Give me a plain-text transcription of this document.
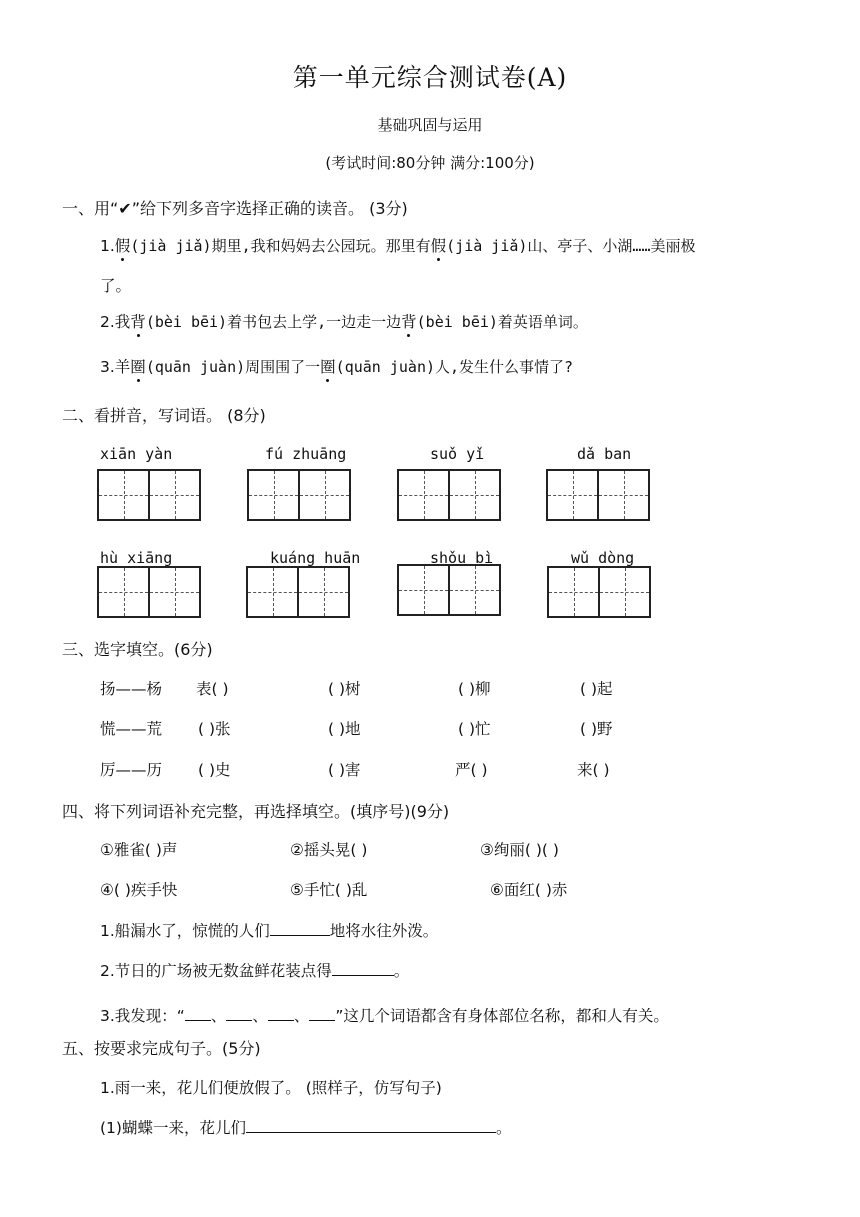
第一单元综合测试卷(A)
基础巩固与运用
(考试时间:80分钟 满分:100分)
一、用“✔”给下列多音字选择正确的读音。 (3分)
1.假(jià jiǎ)期里,我和妈妈去公园玩。那里有假(jià jiǎ)山、亭子、小湖……美丽极
了。
2.我背(bèi bēi)着书包去上学,一边走一边背(bèi bēi)着英语单词。
3.羊圈(quān juàn)周围围了一圈(quān juàn)人,发生什么事情了?
二、看拼音，写词语。 (8分)
xiān yàn	fú zhuāng	suǒ yǐ	dǎ ban
hù xiāng	kuáng huān	shǒu bì	wǔ dòng
三、选字填空。(6分)
扬——杨 表( )	( )树	( )柳	( )起
慌——荒 ( )张	( )地	( )忙	( )野
厉——历 ( )史	( )害	严( )	来( )
四、将下列词语补充完整，再选择填空。(填序号)(9分)
①雅雀( )声	②摇头晃( )	③绚丽( )( )
④( )疾手快	⑤手忙( )乱	⑥面红( )赤
1.船漏水了，惊慌的人们	地将水往外泼。
2.节日的广场被无数盆鲜花装点得	。
3.我发现：“ 、 、 、 ”这几个词语都含有身体部位名称，都和人有关。
五、按要求完成句子。(5分)
1.雨一来，花儿们便放假了。 (照样子，仿写句子)
(1)蝴蝶一来，花儿们	。
